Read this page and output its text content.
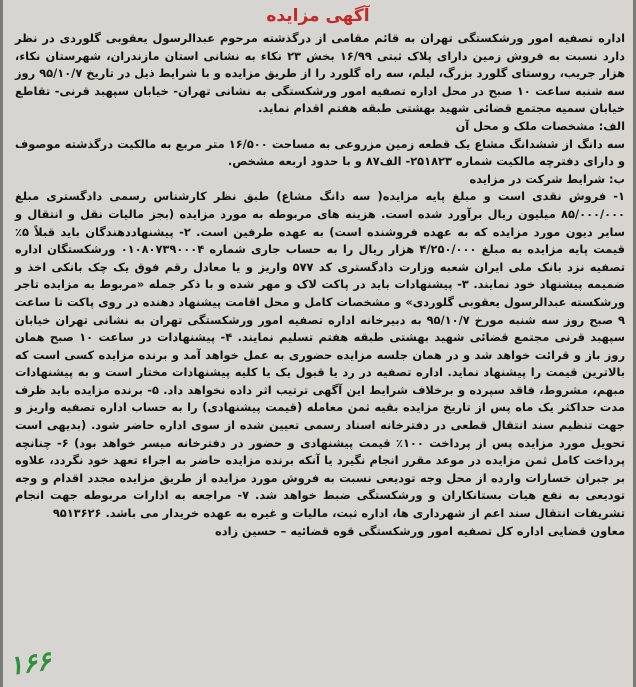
آگهی مزایده

اداره تصفیه امور ورشکستگی تهران به قائم مقامی از درگذشته مرحوم عبدالرسول یعقوبی گلوردی در نظر دارد نسبت به فروش زمین دارای پلاک ثبتی ۱۶/۹۹ بخش ۲۳ نکاء به نشانی استان مازندران، شهرستان نکاء، هزار جریب، روستای گلورد بزرگ، لیلم، سه راه گلورد را از طریق مزایده و با شرایط ذیل در تاریخ ۹۵/۱۰/۷ روز سه شنبه ساعت ۱۰ صبح در محل اداره تصفیه امور ورشکستگی به نشانی تهران- خیابان سپهبد قرنی- تقاطع خیابان سمیه مجتمع قضائی شهید بهشتی طبقه هفتم اقدام نماید.

الف: مشخصات ملک و محل آن

سه دانگ از ششدانگ مشاع یک قطعه زمین مزروعی به مساحت ۱۶/۵۰۰ متر مربع به مالکیت درگذشته موصوف و دارای دفترچه مالکیت شماره ۲۵۱۸۲۳- الف۸۷ و با حدود اربعه مشخص.

ب: شرایط شرکت در مزایده

۱- فروش نقدی است و مبلغ پایه مزایده( سه دانگ مشاع) طبق نظر کارشناس رسمی دادگستری مبلغ ۸۵/۰۰۰/۰۰۰ میلیون ریال برآورد شده است. هزینه های مربوطه به مورد مزایده (بجز مالیات نقل و انتقال و سایر دیون مورد مزایده که به عهده فروشنده است) به عهده طرفین است. ۲- پیشنهاددهندگان باید قبلاً ۵٪ قیمت پایه مزایده به مبلغ ۴/۲۵۰/۰۰۰ هزار ریال را به حساب جاری شماره ۰۱۰۸۰۷۳۹۰۰۰۴ ورشکستگان اداره تصفیه نزد بانک ملی ایران شعبه وزارت دادگستری کد ۵۷۷ واریز و یا معادل رقم فوق یک چک بانکی اخذ و ضمیمه پیشنهاد خود نمایند. ۳- پیشنهادات باید در پاکت لاک و مهر شده و با ذکر جمله «مربوط به مزایده تاجر ورشکسته عبدالرسول یعقوبی گلوردی» و مشخصات کامل و محل اقامت پیشنهاد دهنده در روی پاکت تا ساعت ۹ صبح روز سه شنبه مورخ ۹۵/۱۰/۷ به دبیرخانه اداره تصفیه امور ورشکستگی تهران به نشانی تهران خیابان سپهبد قرنی مجتمع قضائی شهید بهشتی طبقه هفتم تسلیم نمایند. ۴- پیشنهادات در ساعت ۱۰ صبح همان روز باز و قرائت خواهد شد و در همان جلسه مزایده حضوری به عمل خواهد آمد و برنده مزایده کسی است که بالاترین قیمت را پیشنهاد نماید. اداره تصفیه در رد یا قبول یک یا کلیه پیشنهادات مختار است و به پیشنهادات مبهم، مشروط، فاقد سپرده و برخلاف شرایط این آگهی ترتیب اثر داده نخواهد داد. ۵- برنده مزایده باید ظرف مدت حداکثر یک ماه پس از تاریخ مزایده بقیه ثمن معامله (قیمت پیشنهادی) را به حساب اداره تصفیه واریز و جهت تنظیم سند انتقال قطعی در دفترخانه اسناد رسمی تعیین شده از سوی اداره حاضر شود. (بدیهی است تحویل مورد مزایده پس از پرداخت ۱۰۰٪ قیمت پیشنهادی و حضور در دفترخانه میسر خواهد بود) ۶- چنانچه پرداخت کامل ثمن مزایده در موعد مقرر انجام نگیرد یا آنکه برنده مزایده حاضر به اجراء تعهد خود نگردد، علاوه بر جبران خسارات وارده از محل وجه تودیعی نسبت به فروش مورد مزایده از طریق مزایده مجدد اقدام و وجه تودیعی به نفع هیات بستانکاران و ورشکستگی ضبط خواهد شد. ۷- مراجعه به ادارات مربوطه جهت انجام تشریفات انتقال سند اعم از شهرداری ها، اداره ثبت، مالیات و غیره به عهده خریدار می باشد. ۹۵۱۳۶۲۶

معاون قضایی اداره کل تصفیه امور ورشکستگی قوه قضائیه – حسین زاده

۱۶۶
